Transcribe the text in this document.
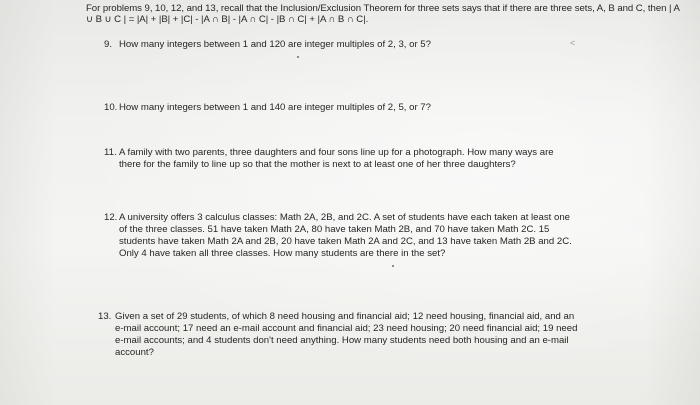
For problems 9, 10, 12, and 13, recall that the Inclusion/Exclusion Theorem for three sets says that if there are three sets, A, B and C, then | A ∪ B ∪ C | = |A| + |B| + |C| - |A ∩ B| - |A ∩ C| - |B ∩ C| + |A ∩ B ∩ C|.
9. How many integers between 1 and 120 are integer multiples of 2, 3, or 5?
10. How many integers between 1 and 140 are integer multiples of 2, 5, or 7?
11. A family with two parents, three daughters and four sons line up for a photograph. How many ways are there for the family to line up so that the mother is next to at least one of her three daughters?
12. A university offers 3 calculus classes: Math 2A, 2B, and 2C. A set of students have each taken at least one of the three classes. 51 have taken Math 2A, 80 have taken Math 2B, and 70 have taken Math 2C. 15 students have taken Math 2A and 2B, 20 have taken Math 2A and 2C, and 13 have taken Math 2B and 2C. Only 4 have taken all three classes. How many students are there in the set?
13. Given a set of 29 students, of which 8 need housing and financial aid; 12 need housing, financial aid, and an e-mail account; 17 need an e-mail account and financial aid; 23 need housing; 20 need financial aid; 19 need e-mail accounts; and 4 students don't need anything. How many students need both housing and an e-mail account?
<
